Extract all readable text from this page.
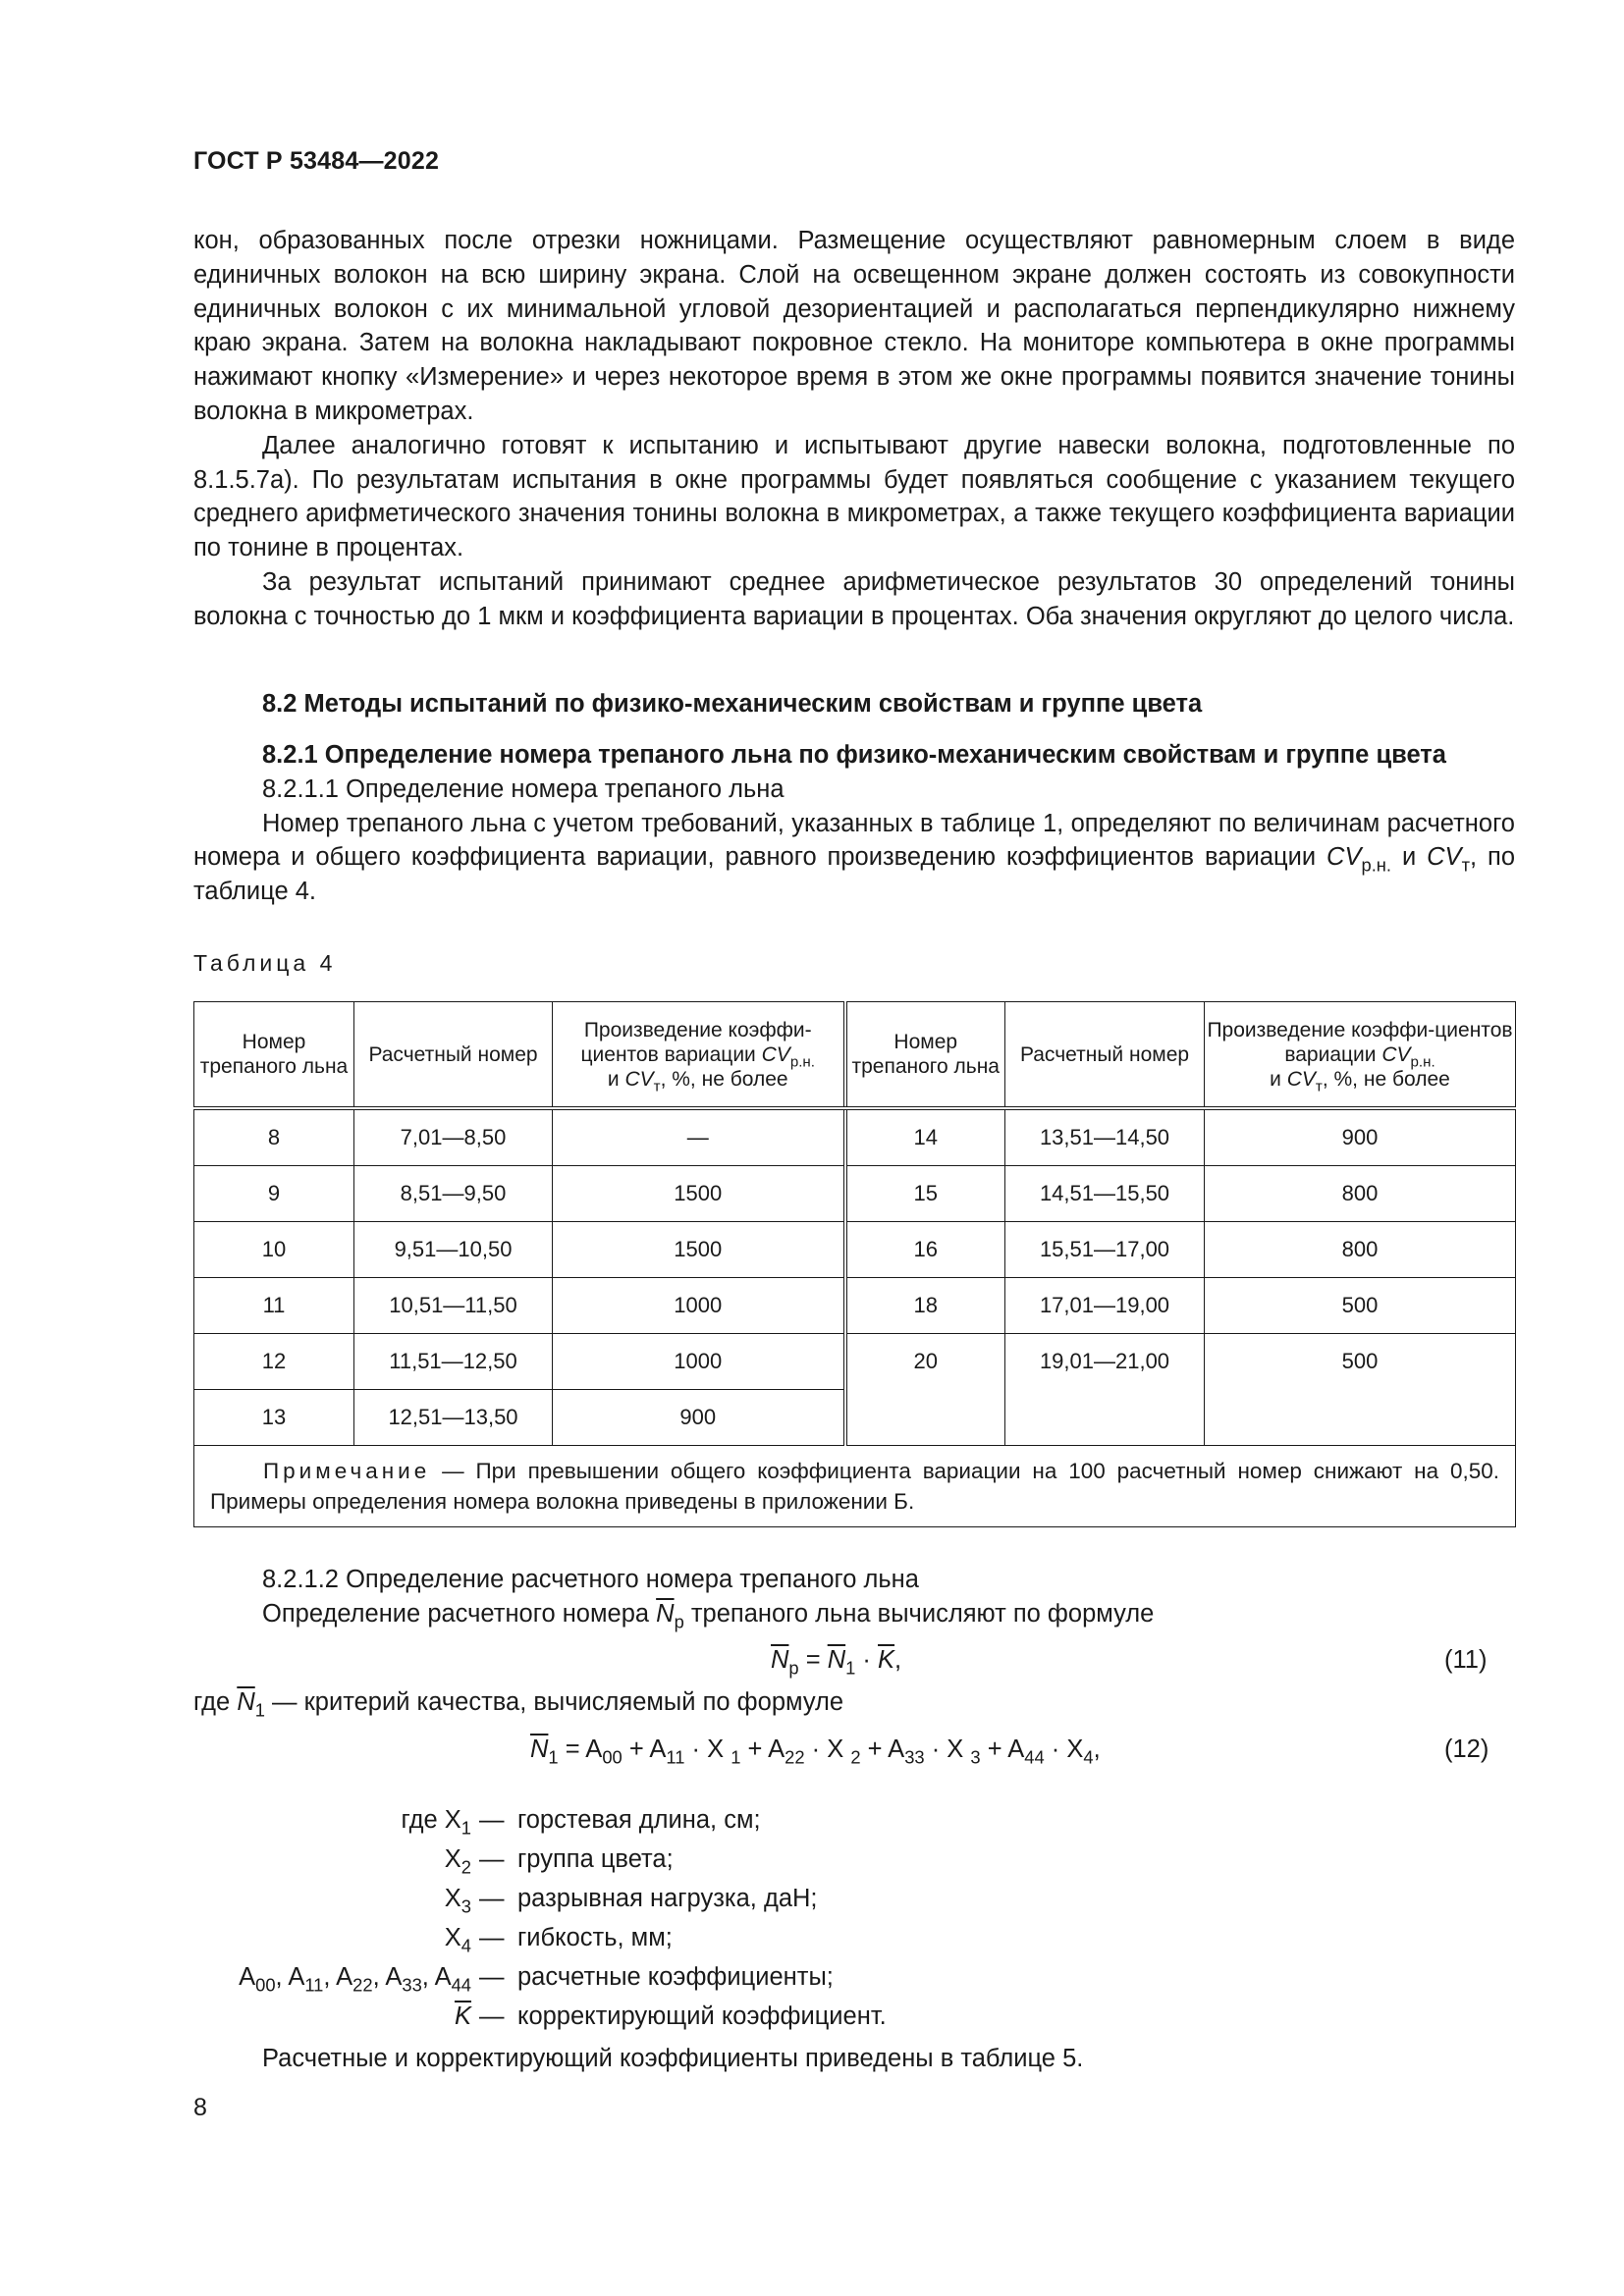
ГОСТ Р 53484—2022

кон, образованных после отрезки ножницами. Размещение осуществляют равномерным слоем в виде единичных волокон на всю ширину экрана. Слой на освещенном экране должен состоять из совокупности единичных волокон с их минимальной угловой дезориентацией и располагаться перпендикулярно нижнему краю экрана. Затем на волокна накладывают покровное стекло. На мониторе компьютера в окне программы нажимают кнопку «Измерение» и через некоторое время в этом же окне программы появится значение тонины волокна в микрометрах.

Далее аналогично готовят к испытанию и испытывают другие навески волокна, подготовленные по 8.1.5.7а). По результатам испытания в окне программы будет появляться сообщение с указанием текущего среднего арифметического значения тонины волокна в микрометрах, а также текущего коэффициента вариации по тонине в процентах.

За результат испытаний принимают среднее арифметическое результатов 30 определений тонины волокна с точностью до 1 мкм и коэффициента вариации в процентах. Оба значения округляют до целого числа.

8.2 Методы испытаний по физико-механическим свойствам и группе цвета

8.2.1 Определение номера трепаного льна по физико-механическим свойствам и группе цвета

8.2.1.1 Определение номера трепаного льна

Номер трепаного льна с учетом требований, указанных в таблице 1, определяют по величинам расчетного номера и общего коэффициента вариации, равного произведению коэффициентов вариации $CV_{р.н.}$ и $CV_т$, по таблице 4.

Таблица 4
Номер трепаного льна	Расчетный номер	Произведение коэффи-циентов вариации $CV_{р.н.}$
и $CV_т$, %, не более	Номер трепаного льна	Расчетный номер	Произведение коэффи-циентов вариации $CV_{р.н.}$
и $CV_т$, %, не более
8	7,01—8,50	—	14	13,51—14,50	900
9	8,51—9,50	1500	15	14,51—15,50	800
10	9,51—10,50	1500	16	15,51—17,00	800
11	10,51—11,50	1000	18	17,01—19,00	500
12	11,51—12,50	1000	20	19,01—21,00	500
13	12,51—13,50	900			
Примечание — При превышении общего коэффициента вариации на 100 расчетный номер снижают на 0,50. Примеры определения номера волокна приведены в приложении Б.					

8.2.1.2 Определение расчетного номера трепаного льна

Определение расчетного номера $\overline{N}_р$ трепаного льна вычисляют по формуле

$\overline{N}_р = \overline{N}_1 \cdot \overline{K}$,	(11)
где $\overline{N}_1$ — критерий качества, вычисляемый по формуле
$\overline{N}_1 = A_{00} + A_{11} \cdot X$ $_1 + A_{22} \cdot X$ $_2 + A_{33} \cdot X$ $_3 + A_{44} \cdot X_4$,	(12)
где $X_1$ — горстевая длина, см;
$X_2$ — группа цвета;
$X_3$ — разрывная нагрузка, даН;
$X_4$ — гибкость, мм;
$A_{00}$, $A_{11}$, $A_{22}$, $A_{33}$, $A_{44}$ — расчетные коэффициенты;
$\overline{K}$ — корректирующий коэффициент.

Расчетные и корректирующий коэффициенты приведены в таблице 5.

8
